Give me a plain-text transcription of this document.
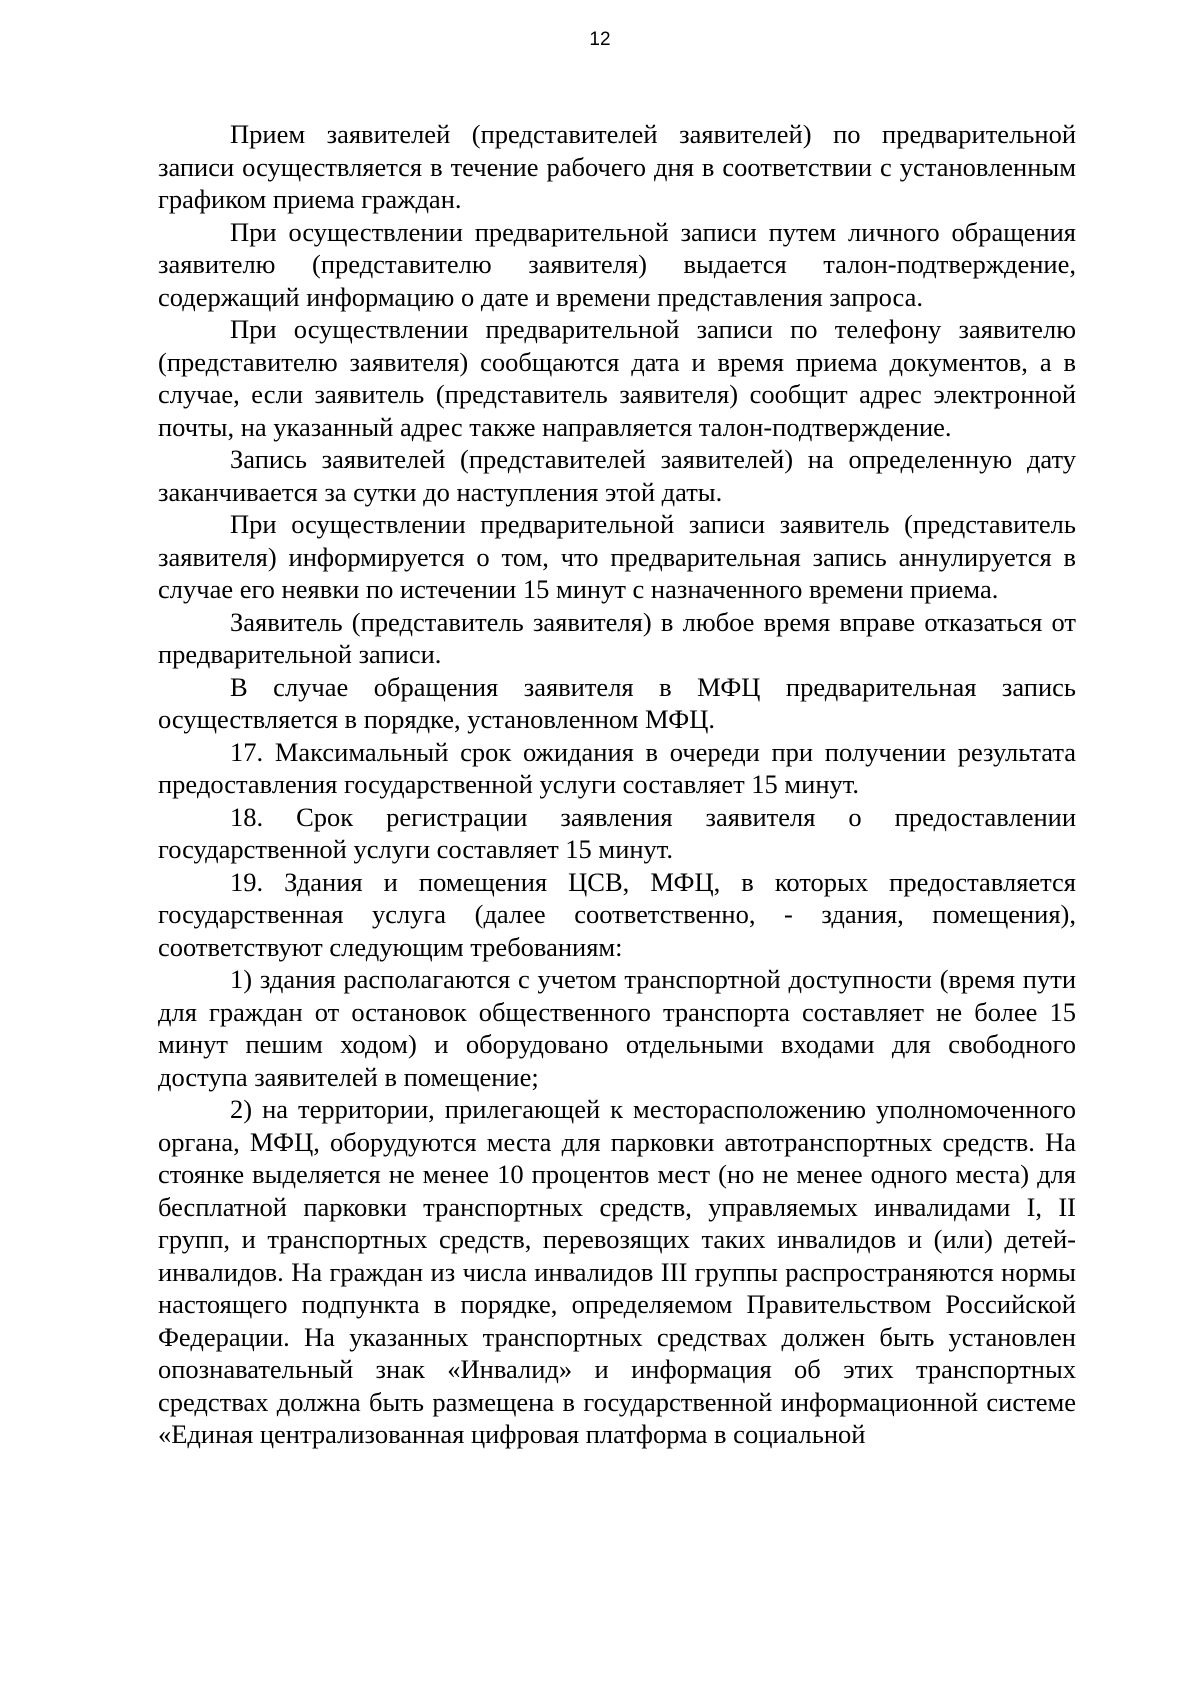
12

Прием заявителей (представителей заявителей) по предварительной записи осуществляется в течение рабочего дня в соответствии с установленным графиком приема граждан.

При осуществлении предварительной записи путем личного обращения заявителю (представителю заявителя) выдается талон-подтверждение, содержащий информацию о дате и времени представления запроса.

При осуществлении предварительной записи по телефону заявителю (представителю заявителя) сообщаются дата и время приема документов, а в случае, если заявитель (представитель заявителя) сообщит адрес электронной почты, на указанный адрес также направляется талон-подтверждение.

Запись заявителей (представителей заявителей) на определенную дату заканчивается за сутки до наступления этой даты.

При осуществлении предварительной записи заявитель (представитель заявителя) информируется о том, что предварительная запись аннулируется в случае его неявки по истечении 15 минут с назначенного времени приема.

Заявитель (представитель заявителя) в любое время вправе отказаться от предварительной записи.

В случае обращения заявителя в МФЦ предварительная запись осуществляется в порядке, установленном МФЦ.

17. Максимальный срок ожидания в очереди при получении результата предоставления государственной услуги составляет 15 минут.

18. Срок регистрации заявления заявителя о предоставлении государственной услуги составляет 15 минут.

19. Здания и помещения ЦСВ, МФЦ, в которых предоставляется государственная услуга (далее соответственно, - здания, помещения), соответствуют следующим требованиям:

1) здания располагаются с учетом транспортной доступности (время пути для граждан от остановок общественного транспорта составляет не более 15 минут пешим ходом) и оборудовано отдельными входами для свободного доступа заявителей в помещение;

2) на территории, прилегающей к месторасположению уполномоченного органа, МФЦ, оборудуются места для парковки автотранспортных средств. На стоянке выделяется не менее 10 процентов мест (но не менее одного места) для бесплатной парковки транспортных средств, управляемых инвалидами I, II групп, и транспортных средств, перевозящих таких инвалидов и (или) детей-инвалидов. На граждан из числа инвалидов III группы распространяются нормы настоящего подпункта в порядке, определяемом Правительством Российской Федерации. На указанных транспортных средствах должен быть установлен опознавательный знак «Инвалид» и информация об этих транспортных средствах должна быть размещена в государственной информационной системе «Единая централизованная цифровая платформа в социальной
